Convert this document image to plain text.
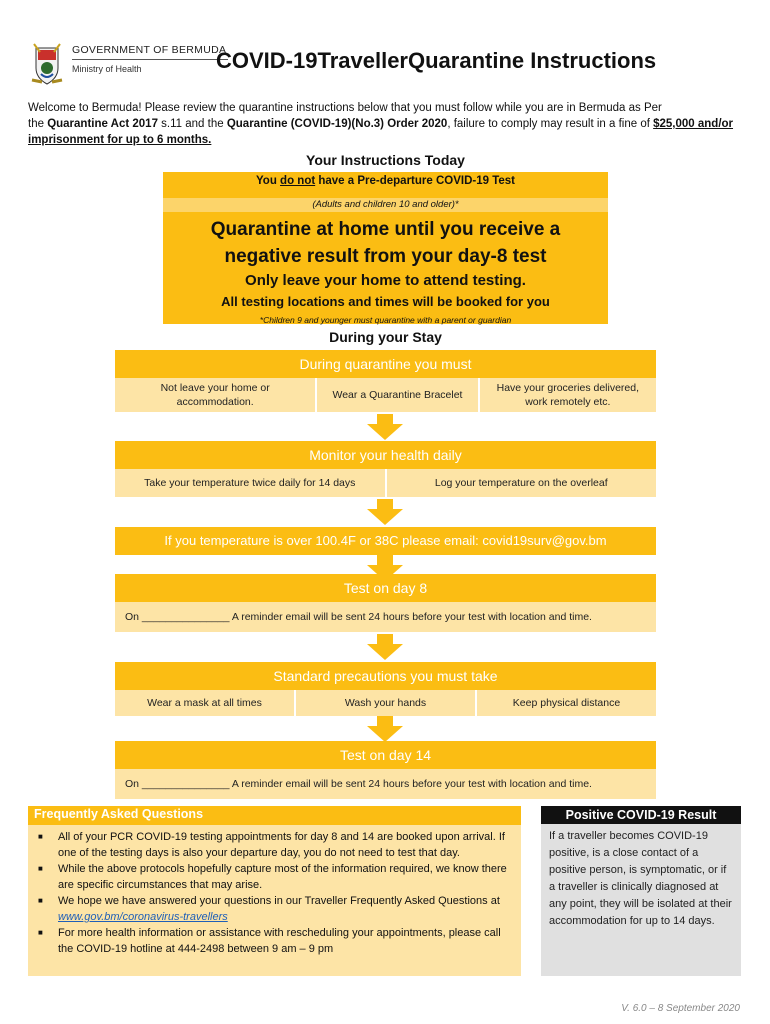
GOVERNMENT OF BERMUDA
Ministry of Health	COVID-19TravellerQuarantine Instructions
Welcome to Bermuda! Please review the quarantine instructions below that you must follow while you are in Bermuda as Per
the Quarantine Act 2017 s.11 and the Quarantine (COVID-19)(No.3) Order 2020, failure to comply may result in a fine of $25,000 and/or
imprisonment for up to 6 months.
Your Instructions Today
You do not have a Pre-departure COVID-19 Test
(Adults and children 10 and older)*
Quarantine at home until you receive a
negative result from your day-8 test
Only leave your home to attend testing.
All testing locations and times will be booked for you
*Children 9 and younger must quarantine with a parent or guardian
During your Stay
During quarantine you must
Not leave your home or accommodation.
Wear a Quarantine Bracelet
Have your groceries delivered, work remotely etc.
Monitor your health daily
Take your temperature twice daily for 14 days	Log your temperature on the overleaf
If you temperature is over 100.4F or 38C please email: covid19surv@gov.bm
Test on day 8
On _______________ A reminder email will be sent 24 hours before your test with location and time.
Standard precautions you must take
Wear a mask at all times	Wash your hands	Keep physical distance
Test on day 14
On _______________ A reminder email will be sent 24 hours before your test with location and time.
Frequently Asked Questions
■ All of your PCR COVID-19 testing appointments for day 8 and 14 are booked upon arrival. If one of the testing days is also your departure day, you do not need to test that day.
■ While the above protocols hopefully capture most of the information required, we know there are specific circumstances that may arise.
■ We hope we have answered your questions in our Traveller Frequently Asked Questions at www.gov.bm/coronavirus-travellers
■ For more health information or assistance with rescheduling your appointments, please call the COVID-19 hotline at 444-2498 between 9 am – 9 pm
Positive COVID-19 Result
If a traveller becomes COVID-19 positive, is a close contact of a positive person, is symptomatic, or if a traveller is clinically diagnosed at any point, they will be isolated at their accommodation for up to 14 days.
V. 6.0 – 8 September 2020
